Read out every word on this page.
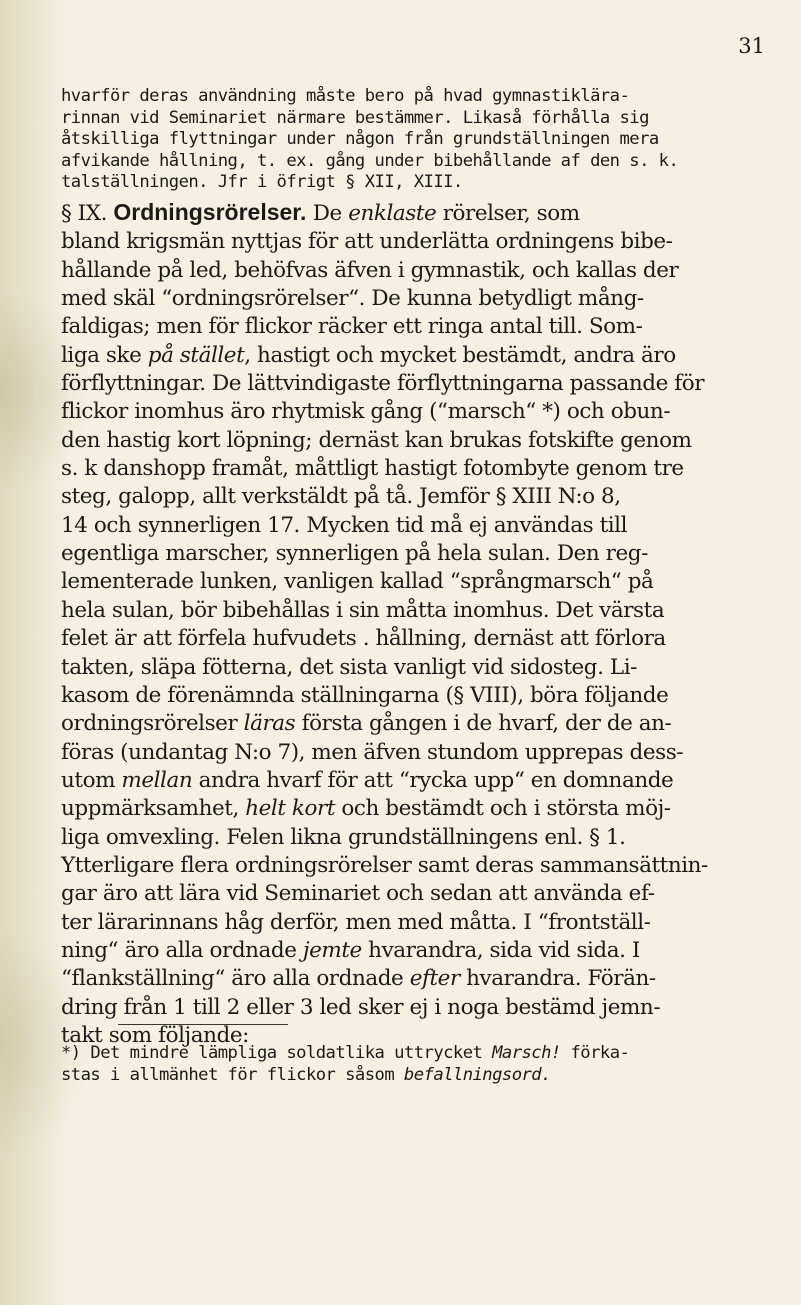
31
hvarför deras användning måste bero på hvad gymnastiklära-
rinnan vid Seminariet närmare bestämmer. Likaså förhålla sig
åtskilliga flyttningar under någon från grundställningen mera
afvikande hållning, t. ex. gång under bibehållande af den s. k.
talställningen. Jfr i öfrigt § XII, XIII.
§ IX. Ordningsrörelser. De enklaste rörelser, som
bland krigsmän nyttjas för att underlätta ordningens bibe-
hållande på led, behöfvas äfven i gymnastik, och kallas der
med skäl “ordningsrörelser“. De kunna betydligt mång-
faldigas; men för flickor räcker ett ringa antal till. Som-
liga ske på stället, hastigt och mycket bestämdt, andra äro
förflyttningar. De lättvindigaste förflyttningarna passande för
flickor inomhus äro rhytmisk gång (“marsch“ *) och obun-
den hastig kort löpning; dernäst kan brukas fotskifte genom
s. k danshopp framåt, måttligt hastigt fotombyte genom tre
steg, galopp, allt verkstäldt på tå. Jemför § XIII N:o 8,
14 och synnerligen 17. Mycken tid må ej användas till
egentliga marscher, synnerligen på hela sulan. Den reg-
lementerade lunken, vanligen kallad “språngmarsch“ på
hela sulan, bör bibehållas i sin måtta inomhus. Det värsta
felet är att förfela hufvudets . hållning, dernäst att förlora
takten, släpa fötterna, det sista vanligt vid sidosteg. Li-
kasom de förenämnda ställningarna (§ VIII), böra följande
ordningsrörelser läras första gången i de hvarf, der de an-
föras (undantag N:o 7), men äfven stundom upprepas dess-
utom mellan andra hvarf för att “rycka upp“ en domnande
uppmärksamhet, helt kort och bestämdt och i största möj-
liga omvexling. Felen likna grundställningens enl. § 1.
Ytterligare flera ordningsrörelser samt deras sammansättnin-
gar äro att lära vid Seminariet och sedan att använda ef-
ter lärarinnans håg derför, men med måtta. I “frontställ-
ning“ äro alla ordnade jemte hvarandra, sida vid sida. I
“flankställning“ äro alla ordnade efter hvarandra. Förän-
dring från 1 till 2 eller 3 led sker ej i noga bestämd jemn-
takt som följande:
*) Det mindre lämpliga soldatlika uttrycket Marsch! förka-
stas i allmänhet för flickor såsom befallningsord.
